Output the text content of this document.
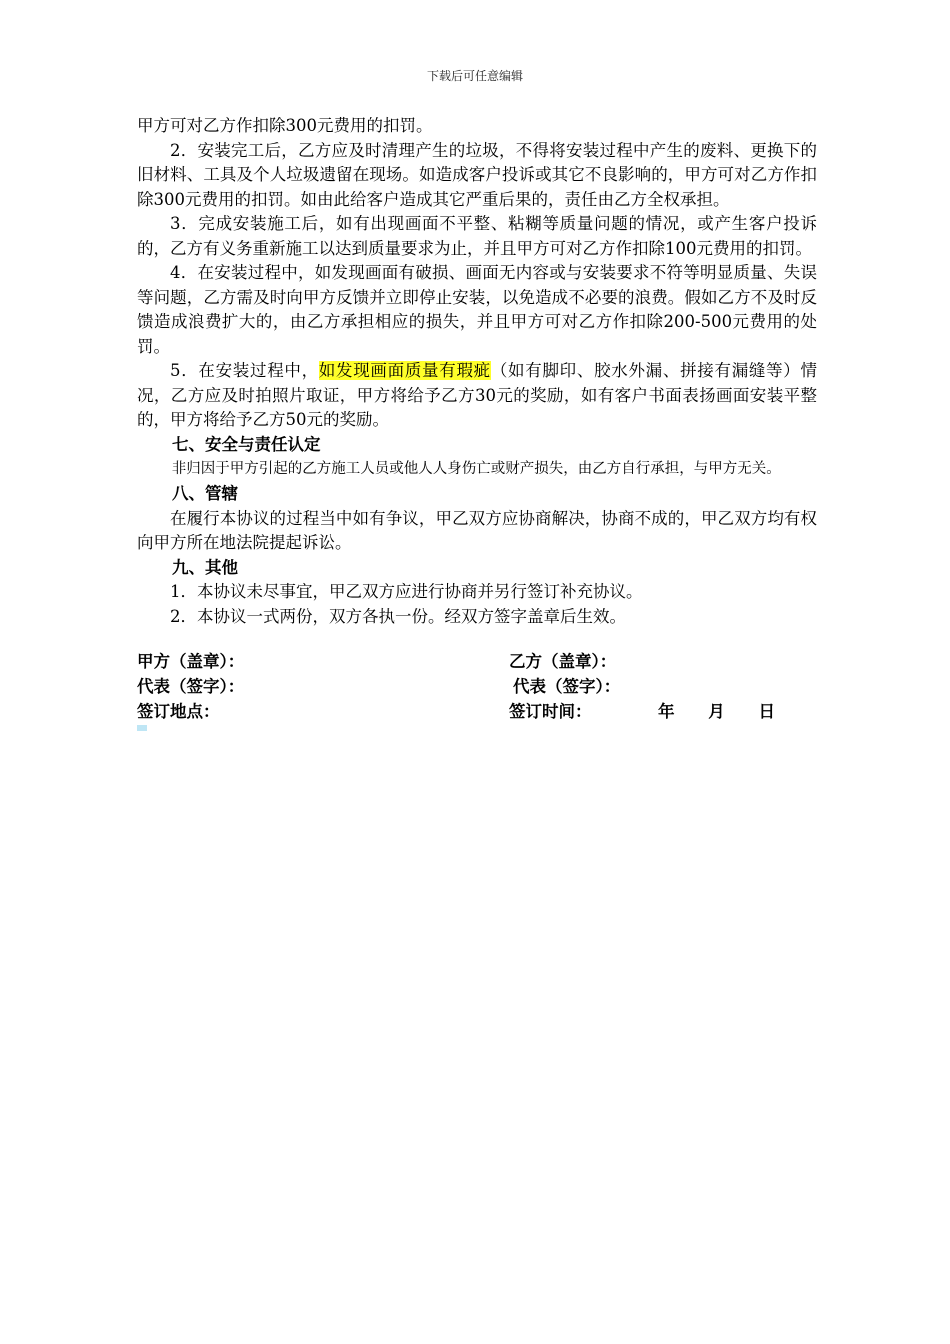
下载后可任意编辑

甲方可对乙方作扣除300元费用的扣罚。

2．安装完工后，乙方应及时清理产生的垃圾，不得将安装过程中产生的废料、更换下的旧材料、工具及个人垃圾遗留在现场。如造成客户投诉或其它不良影响的，甲方可对乙方作扣除300元费用的扣罚。如由此给客户造成其它严重后果的，责任由乙方全权承担。

3．完成安装施工后，如有出现画面不平整、粘糊等质量问题的情况，或产生客户投诉的，乙方有义务重新施工以达到质量要求为止，并且甲方可对乙方作扣除100元费用的扣罚。

4．在安装过程中，如发现画面有破损、画面无内容或与安装要求不符等明显质量、失误等问题，乙方需及时向甲方反馈并立即停止安装，以免造成不必要的浪费。假如乙方不及时反馈造成浪费扩大的，由乙方承担相应的损失，并且甲方可对乙方作扣除200-500元费用的处罚。

5．在安装过程中，如发现画面质量有瑕疵（如有脚印、胶水外漏、拼接有漏缝等）情况，乙方应及时拍照片取证，甲方将给予乙方30元的奖励，如有客户书面表扬画面安装平整的，甲方将给予乙方50元的奖励。

七、安全与责任认定

非归因于甲方引起的乙方施工人员或他人人身伤亡或财产损失，由乙方自行承担，与甲方无关。

八、管辖

在履行本协议的过程当中如有争议，甲乙双方应协商解决，协商不成的，甲乙双方均有权向甲方所在地法院提起诉讼。

九、其他

1．本协议未尽事宜，甲乙双方应进行协商并另行签订补充协议。

2．本协议一式两份，双方各执一份。经双方签字盖章后生效。

甲方（盖章）：	乙方（盖章）：
代表（签字）：	代表（签字）：
签订地点：	签订时间：	年 月 日
